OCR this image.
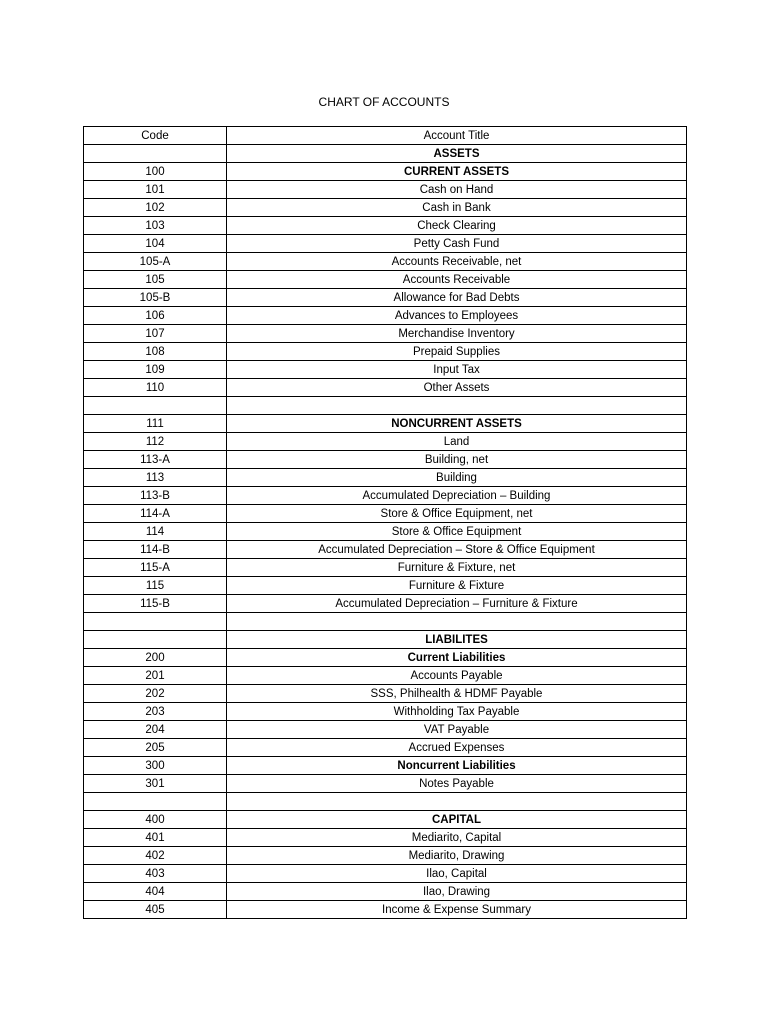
CHART OF ACCOUNTS
Code	Account Title
	ASSETS
100	CURRENT ASSETS
101	Cash on Hand
102	Cash in Bank
103	Check Clearing
104	Petty Cash Fund
105-A	Accounts Receivable, net
105	Accounts Receivable
105-B	Allowance for Bad Debts
106	Advances to Employees
107	Merchandise Inventory
108	Prepaid Supplies
109	Input Tax
110	Other Assets

111	NONCURRENT ASSETS
112	Land
113-A	Building, net
113	Building
113-B	Accumulated Depreciation – Building
114-A	Store & Office Equipment, net
114	Store & Office Equipment
114-B	Accumulated Depreciation – Store & Office Equipment
115-A	Furniture & Fixture, net
115	Furniture & Fixture
115-B	Accumulated Depreciation – Furniture & Fixture

	LIABILITES
200	Current Liabilities
201	Accounts Payable
202	SSS, Philhealth & HDMF Payable
203	Withholding Tax Payable
204	VAT Payable
205	Accrued Expenses
300	Noncurrent Liabilities
301	Notes Payable

400	CAPITAL
401	Mediarito, Capital
402	Mediarito, Drawing
403	Ilao, Capital
404	Ilao, Drawing
405	Income & Expense Summary
